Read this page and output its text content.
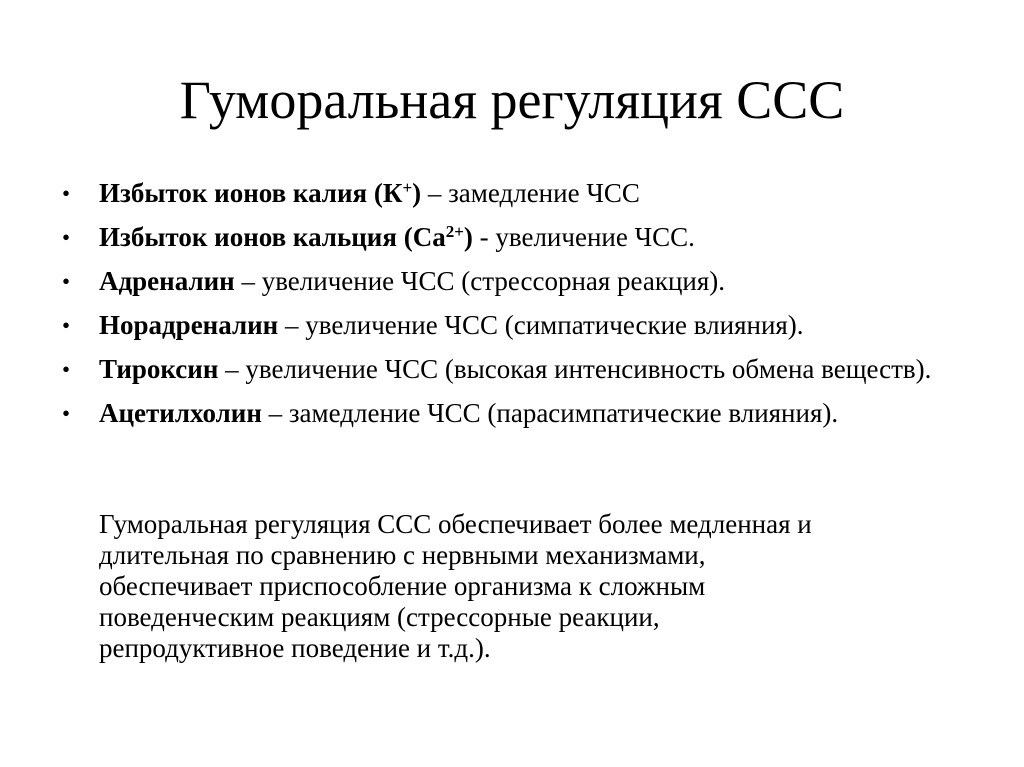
Гуморальная регуляция ССС
•	Избыток ионов калия (К+) – замедление ЧСС
•	Избыток ионов кальция $(Са^{2+})$ - увеличение ЧСС.
•	Адреналин – увеличение ЧСС (стрессорная реакция).
•	Норадреналин – увеличение ЧСС (симпатические влияния).
•	Тироксин – увеличение ЧСС (высокая интенсивность обмена веществ).
•	Ацетилхолин – замедление ЧСС (парасимпатические влияния).

Гуморальная регуляция ССС обеспечивает более медленная и
длительная по сравнению с нервными механизмами,
обеспечивает приспособление организма к сложным
поведенческим реакциям (стрессорные реакции,
репродуктивное поведение и т.д.).
